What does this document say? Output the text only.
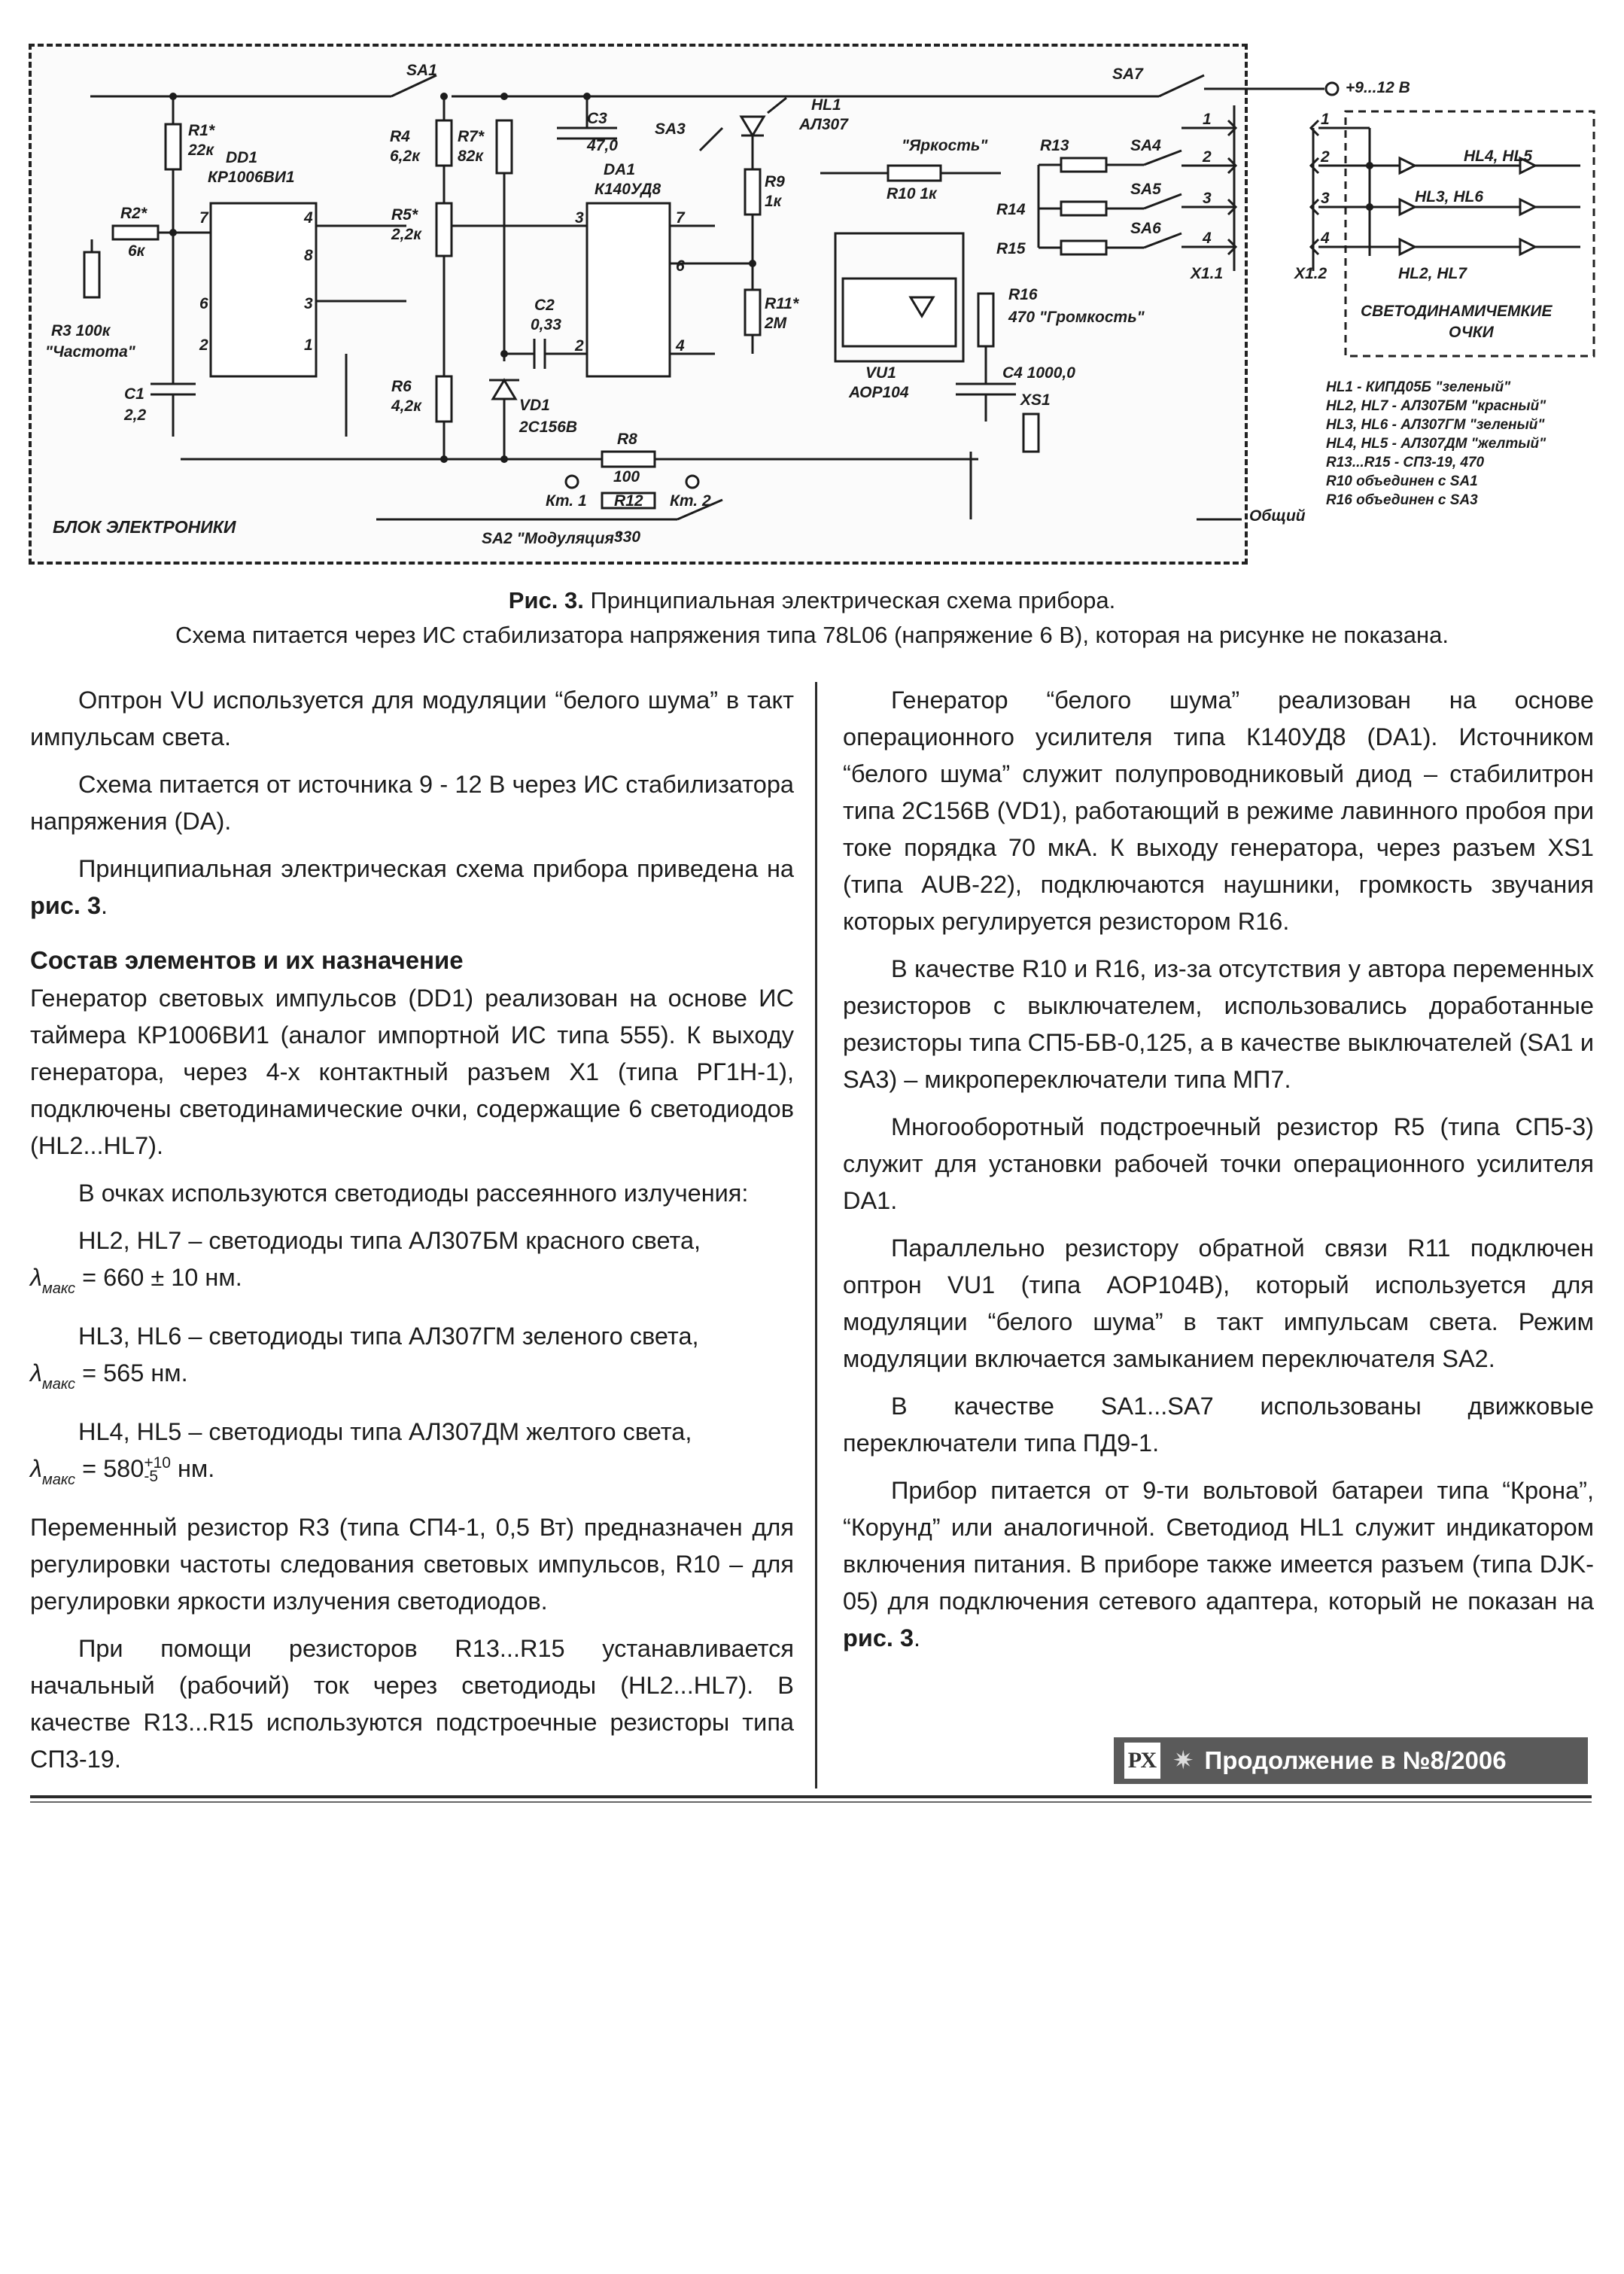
БЛОК ЭЛЕКТРОНИКИ
SA1	SA7
+9...12 В
Общий
SA2 "Модуляция"
R1*
22к
R2*
6к
R3 100к
"Частота"
C1
2,2
DD1
КР1006ВИ1
R4
6,2к
R5*
2,2к
R6
4,2к
R7*
82к
C3
47,0
C2
0,33
VD1
2С156В
DA1
К140УД8
SA3
HL1
АЛ307
R9
1к
R11*
2М
R8
100
R12
330
Кт. 1	Кт. 2
"Яркость"
R10 1к
R13
R14
R15
SA4
SA5
SA6
1
2
3
4
X1.1
R16
470 "Громкость"
VU1
АОР104
C4 1000,0
XS1
1
2
3
4
X1.2
HL4, HL5
HL3, HL6
HL2, HL7
СВЕТОДИНАМИЧЕМКИЕ
ОЧКИ
HL1 - КИПД05Б "зеленый"
HL2, HL7 - АЛ307БМ "красный"
HL3, HL6 - АЛ307ГМ "зеленый"
HL4, HL5 - АЛ307ДМ "желтый"
R13...R15 - СП3-19, 470
R10 объединен с SA1
R16 объединен с SA3
7	4
8
6	3
2	1
3	7
6
2	4
Рис. 3. Принципиальная электрическая схема прибора.
Схема питается через ИС стабилизатора напряжения типа 78L06 (напряжение 6 В), которая на рисунке не показана.

Оптрон VU используется для модуляции “белого шума” в такт импульсам света.

Схема питается от источника 9 - 12 В через ИС стабилизатора напряжения (DA).

Принципиальная электрическая схема прибора приведена на рис. 3.

Состав элементов и их назначение

Генератор световых импульсов (DD1) реализован на основе ИС таймера КР1006ВИ1 (аналог импортной ИС типа 555). К выходу генератора, через 4-х контактный разъем X1 (типа РГ1Н-1), подключены светодинамические очки, содержащие 6 светодиодов (HL2...HL7).

В очках используются светодиоды рассеянного излучения:

HL2, HL7 – светодиоды типа АЛ307БМ красного света,

$\lambda_{макс} = 660 \pm 10$ нм.

HL3, HL6 – светодиоды типа АЛ307ГМ зеленого света,

$\lambda_{макс} = 565$ нм.

HL4, HL5 – светодиоды типа АЛ307ДМ желтого света,

$\lambda_{макс} = 580+10$
-5 нм.

Переменный резистор R3 (типа СП4-1, 0,5 Вт) предназначен для регулировки частоты следования световых импульсов, R10 – для регулировки яркости излучения светодиодов.

При помощи резисторов R13...R15 устанавливается начальный (рабочий) ток через светодиоды (HL2...HL7). В качестве R13...R15 используются подстроечные резисторы типа СП3-19.

Генератор “белого шума” реализован на основе операционного усилителя типа К140УД8 (DA1). Источником “белого шума” служит полупроводниковый диод – стабилитрон типа 2С156В (VD1), работающий в режиме лавинного пробоя при токе порядка 70 мкА. К выходу генератора, через разъем XS1 (типа AUB-22), подключаются наушники, громкость звучания которых регулируется резистором R16.

В качестве R10 и R16, из-за отсутствия у автора переменных резисторов с выключателем, использовались доработанные резисторы типа СП5-БВ-0,125, а в качестве выключателей (SA1 и SA3) – микропереключатели типа МП7.

Многооборотный подстроечный резистор R5 (типа СП5-3) служит для установки рабочей точки операционного усилителя DA1.

Параллельно резистору обратной связи R11 подключен оптрон VU1 (типа АОР104В), который используется для модуляции “белого шума” в такт импульсам света. Режим модуляции включается замыканием переключателя SA2.

В качестве SA1...SA7 использованы движковые переключатели типа ПД9-1.

Прибор питается от 9-ти вольтовой батареи типа “Крона”, “Корунд” или аналогичной. Светодиод HL1 служит индикатором включения питания. В приборе также имеется разъем (типа DJK-05) для подключения сетевого адаптера, который не показан на рис. 3.

РХ ✷ Продолжение в №8/2006
